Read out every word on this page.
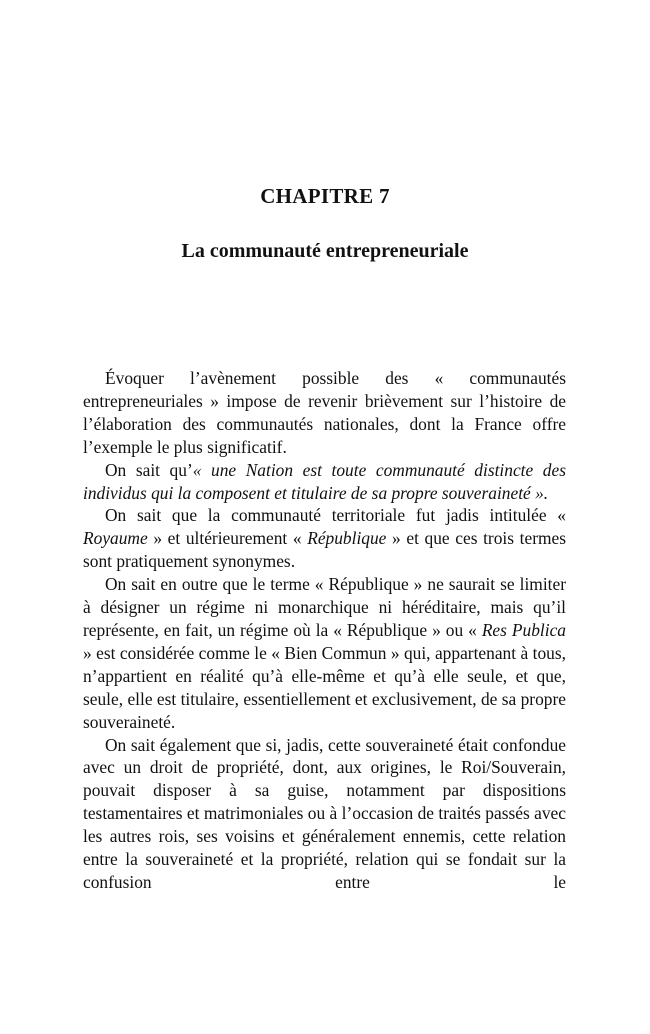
CHAPITRE 7
La communauté entrepreneuriale

Évoquer l’avènement possible des « communautés entrepreneuriales » impose de revenir brièvement sur l’histoire de l’élaboration des communautés nationales, dont la France offre l’exemple le plus significatif.

On sait qu’« une Nation est toute communauté distincte des individus qui la composent et titulaire de sa propre souveraineté ».

On sait que la communauté territoriale fut jadis intitulée « Royaume » et ultérieurement « République » et que ces trois termes sont pratiquement synonymes.

On sait en outre que le terme « République » ne saurait se limiter à désigner un régime ni monarchique ni héréditaire, mais qu’il représente, en fait, un régime où la « République » ou « Res Publica » est considérée comme le « Bien Commun » qui, appartenant à tous, n’appartient en réalité qu’à elle-même et qu’à elle seule, et que, seule, elle est titulaire, essentiellement et exclusivement, de sa propre souveraineté.

On sait également que si, jadis, cette souveraineté était confondue avec un droit de propriété, dont, aux origines, le Roi/Souverain, pouvait disposer à sa guise, notamment par dispositions testamentaires et matrimoniales ou à l’occasion de traités passés avec les autres rois, ses voisins et généralement ennemis, cette relation entre la souveraineté et la propriété, relation qui se fondait sur la confusion entre le
